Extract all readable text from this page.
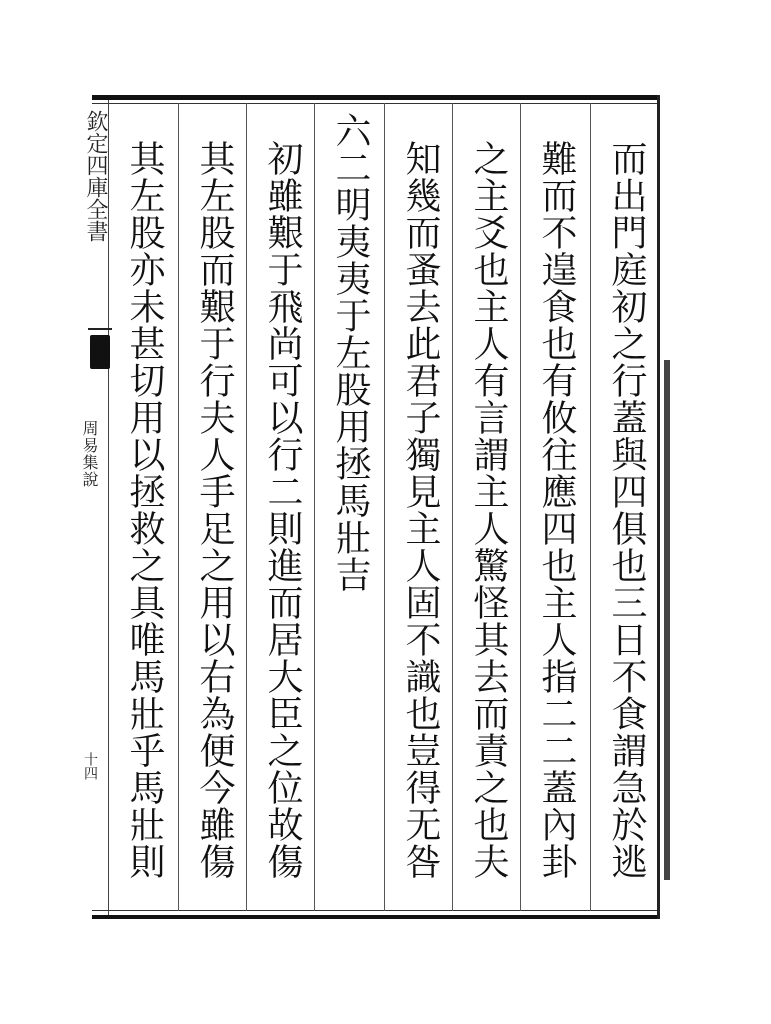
而出門庭初之行蓋與四俱也三日不食謂急於逃
難而不遑食也有攸往應四也主人指二二蓋內卦
之主爻也主人有言謂主人驚怪其去而責之也夫
知幾而蚤去此君子獨見主人固不識也豈得无咎
六二明夷夷于左股用拯馬壯吉
初雖艱于飛尚可以行二則進而居大臣之位故傷
其左股而艱于行夫人手足之用以右為便今雖傷
其左股亦未甚切用以拯救之具唯馬壯乎馬壯則
欽定四庫全書
周易集說
十四
